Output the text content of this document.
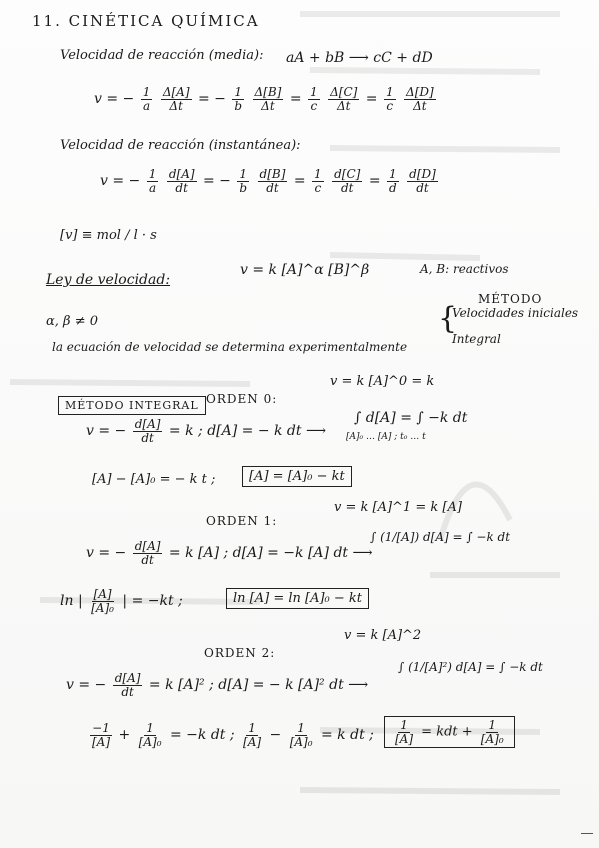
11. CINÉTICA QUÍMICA
Velocidad de reacción (media): aA + bB ⟶ cC + dD
v = − $\frac{1}{a}$
$\frac{\Delta[A]}{\Delta t}$ = − $\frac{1}{b}$
$\frac{\Delta[B]}{\Delta t} = \frac{1}{c}$
$\frac{\Delta[C]}{\Delta t} = \frac{1}{c}$
$\frac{\Delta[D]}{\Delta t}$
Velocidad de reacción (instantánea):
v = − $\frac{1}{a}$
$\frac{d[A]}{dt}$ = − $\frac{1}{b}$
$\frac{d[B]}{dt} = \frac{1}{c}$
$\frac{d[C]}{dt} = \frac{1}{d}$
$\frac{d[D]}{dt}$
[v] ≡ mol / l · s
Ley de velocidad:
v = k [A]^α [B]^β	A, B: reactivos
MÉTODO
α, β ≠ 0
la ecuación de velocidad se determina experimentalmente
{
Velocidades iniciales
Integral
MÉTODO INTEGRAL ORDEN 0:
v = k [A]^0 = k
v = − $\frac{d[A]}{dt} = k$ ; d[A] = − k dt ⟶
∫ d[A] = ∫ −k dt
[A]₀ … [A] ; t₀ … t
[A] − [A]₀ = − k t ;	[A] = [A]₀ − kt
ORDEN 1:
v = k [A]^1 = k [A]
v = − $\frac{d[A]}{dt} = k$ [A] ; d[A] = −k [A] dt ⟶
∫ (1/[A]) d[A] = ∫ −k dt
ln | $\frac{[A]}{\text{[A]₀}}$ | = −kt ;	ln [A] = ln [A]₀ − kt
ORDEN 2:
v = k [A]^2
v = − $\frac{d[A]}{dt} = k$ [A]² ; d[A] = − k [A]² dt ⟶
∫ (1/[A]²) d[A] = ∫ −k dt
$\frac{-1}{[A]} + \frac{1}{\text{[A]₀}} = -k$ dt ; $\frac{1}{[A]} - \frac{1}{\text{[A]₀}} = k$ dt ; $\frac{1}{[A]}$ = kdt + $\frac{1}{\text{[A]₀}}$
